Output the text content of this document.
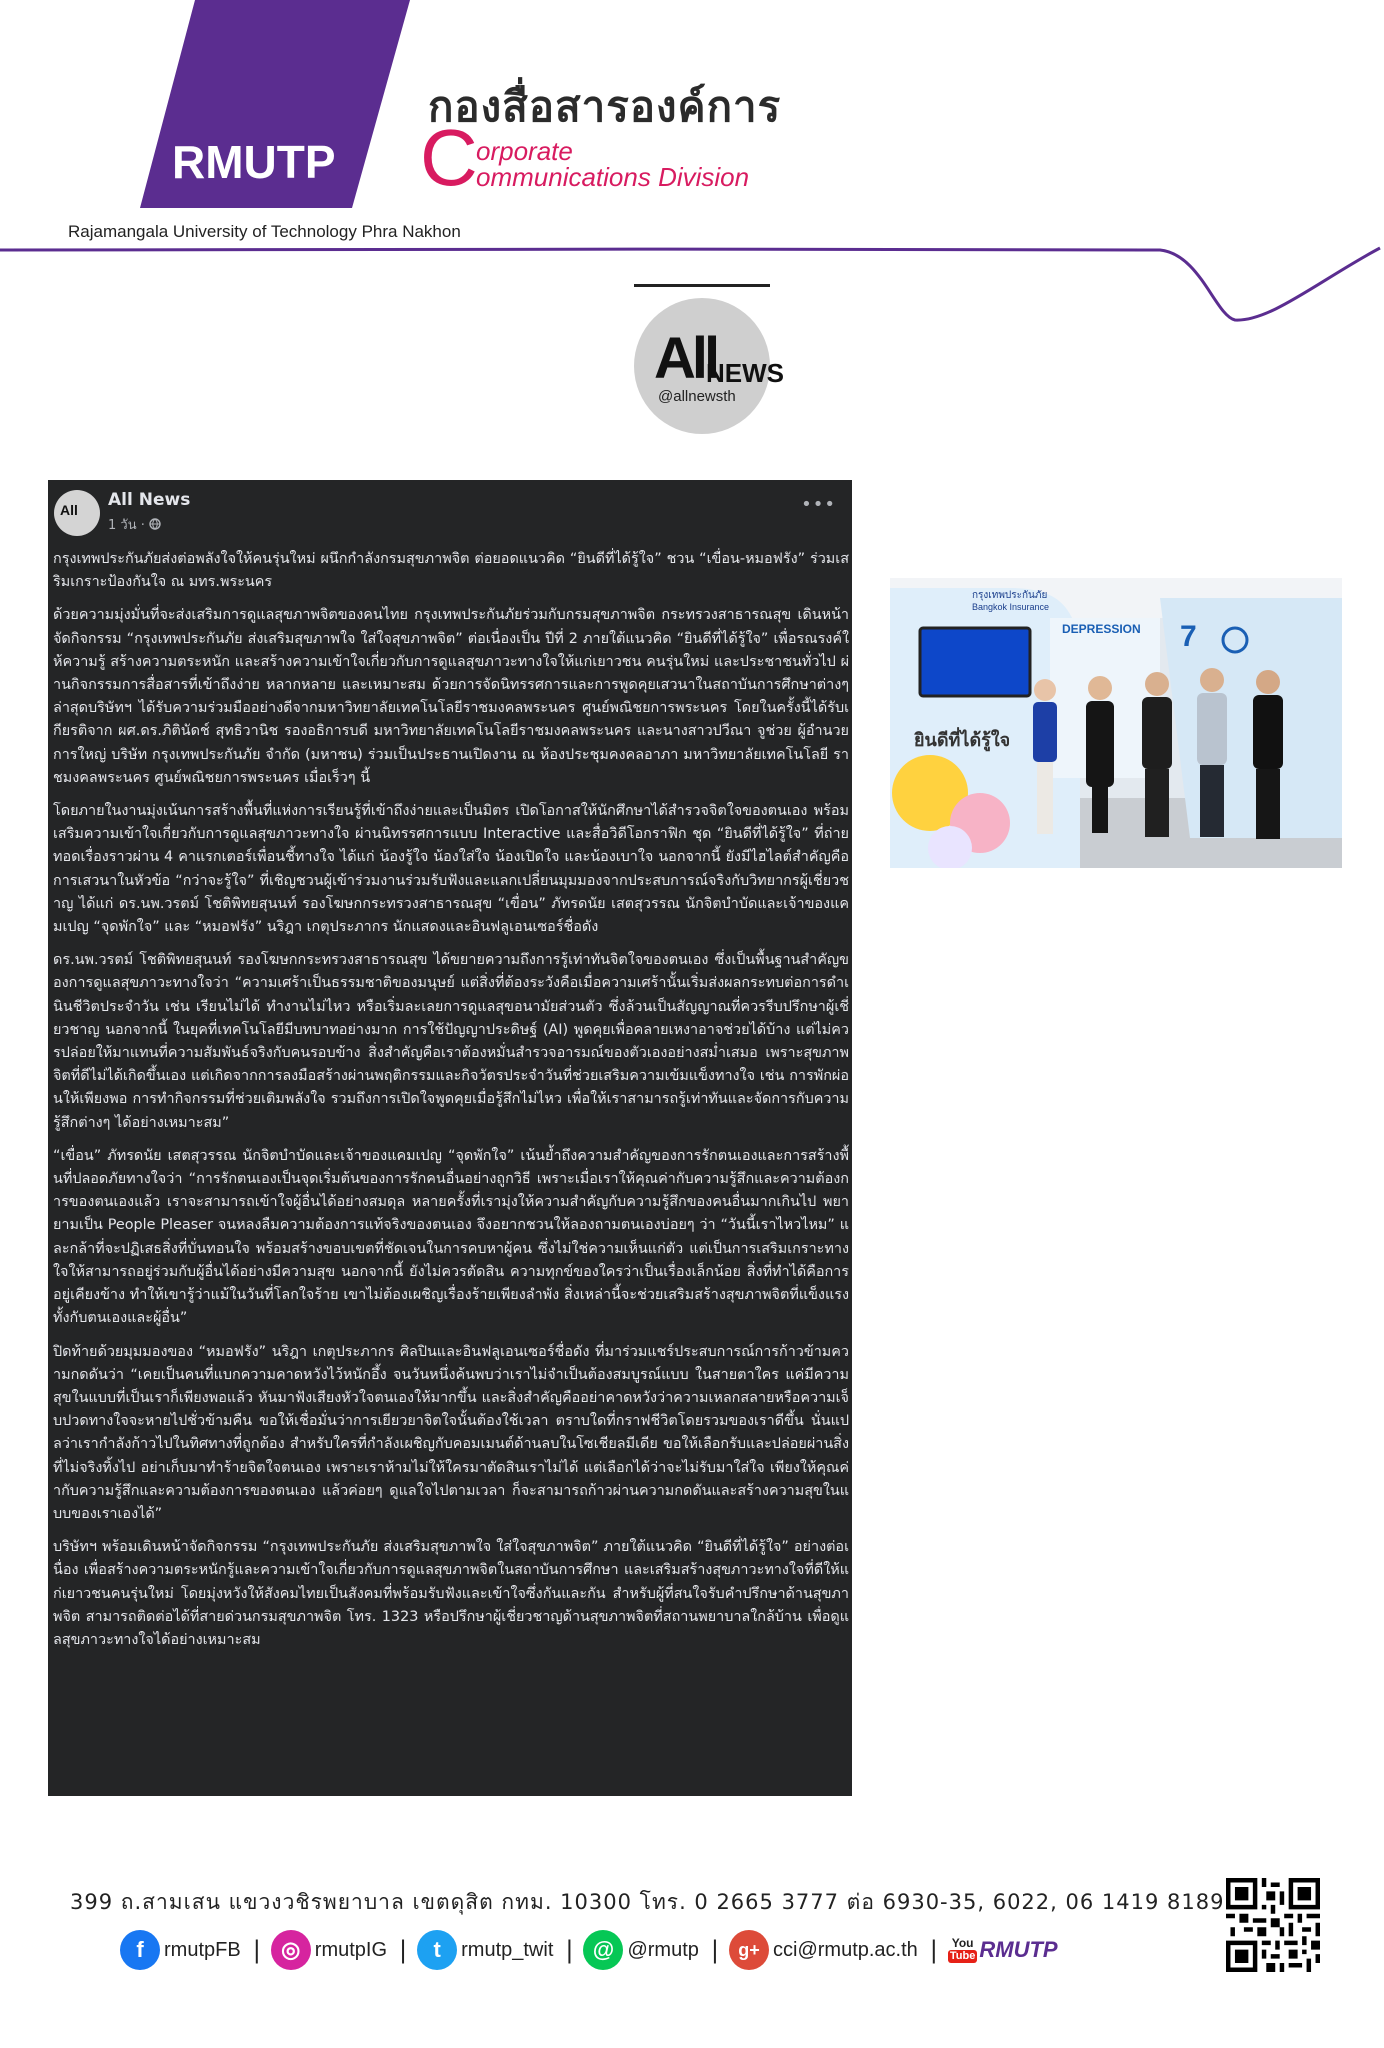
RMUTP
Rajamangala University of Technology Phra Nakhon
กองสื่อสารองค์การ
C
orporate
ommunications Division
All
NEWS
@allnewsth
All All News
1 วัน ·
•••

กรุงเทพประกันภัยส่งต่อพลังใจให้คนรุ่นใหม่ ผนึกกำลังกรมสุขภาพจิต ต่อยอดแนวคิด “ยินดีที่ได้รู้ใจ” ชวน “เขื่อน-หมอฟรัง” ร่วมเสริมเกราะป้องกันใจ ณ มทร.พระนคร

ด้วยความมุ่งมั่นที่จะส่งเสริมการดูแลสุขภาพจิตของคนไทย กรุงเทพประกันภัยร่วมกับกรมสุขภาพจิต กระทรวงสาธารณสุข เดินหน้าจัดกิจกรรม “กรุงเทพประกันภัย ส่งเสริมสุขภาพใจ ใส่ใจสุขภาพจิต” ต่อเนื่องเป็น ปีที่ 2 ภายใต้แนวคิด “ยินดีที่ได้รู้ใจ” เพื่อรณรงค์ให้ความรู้ สร้างความตระหนัก และสร้างความเข้าใจเกี่ยวกับการดูแลสุขภาวะทางใจให้แก่เยาวชน คนรุ่นใหม่ และประชาชนทั่วไป ผ่านกิจกรรมการสื่อสารที่เข้าถึงง่าย หลากหลาย และเหมาะสม ด้วยการจัดนิทรรศการและการพูดคุยเสวนาในสถาบันการศึกษาต่างๆ ล่าสุดบริษัทฯ ได้รับความร่วมมืออย่างดีจากมหาวิทยาลัยเทคโนโลยีราชมงคลพระนคร ศูนย์พณิชยการพระนคร โดยในครั้งนี้ได้รับเกียรติจาก ผศ.ดร.ภิตินัดช์ สุทธิวานิช รองอธิการบดี มหาวิทยาลัยเทคโนโลยีราชมงคลพระนคร และนางสาวปวีณา จูช่วย ผู้อำนวยการใหญ่ บริษัท กรุงเทพประกันภัย จำกัด (มหาชน) ร่วมเป็นประธานเปิดงาน ณ ห้องประชุมคงคลอาภา มหาวิทยาลัยเทคโนโลยี ราชมงคลพระนคร ศูนย์พณิชยการพระนคร เมื่อเร็วๆ นี้

โดยภายในงานมุ่งเน้นการสร้างพื้นที่แห่งการเรียนรู้ที่เข้าถึงง่ายและเป็นมิตร เปิดโอกาสให้นักศึกษาได้สำรวจจิตใจของตนเอง พร้อมเสริมความเข้าใจเกี่ยวกับการดูแลสุขภาวะทางใจ ผ่านนิทรรศการแบบ Interactive และสื่อวิดีโอกราฟิก ชุด “ยินดีที่ได้รู้ใจ” ที่ถ่ายทอดเรื่องราวผ่าน 4 คาแรกเตอร์เพื่อนชี้ทางใจ ได้แก่ น้องรู้ใจ น้องใส่ใจ น้องเปิดใจ และน้องเบาใจ นอกจากนี้ ยังมีไฮไลต์สำคัญคือการเสวนาในหัวข้อ “กว่าจะรู้ใจ” ที่เชิญชวนผู้เข้าร่วมงานร่วมรับฟังและแลกเปลี่ยนมุมมองจากประสบการณ์จริงกับวิทยากรผู้เชี่ยวชาญ ได้แก่ ดร.นพ.วรตม์ โชติพิทยสุนนท์ รองโฆษกกระทรวงสาธารณสุข “เขื่อน” ภัทรดนัย เสตสุวรรณ นักจิตบำบัดและเจ้าของแคมเปญ “จุดพักใจ” และ “หมอฟรัง” นริฎา เกตุประภากร นักแสดงและอินฟลูเอนเซอร์ชื่อดัง

ดร.นพ.วรตม์ โชติพิทยสุนนท์ รองโฆษกกระทรวงสาธารณสุข ได้ขยายความถึงการรู้เท่าทันจิตใจของตนเอง ซึ่งเป็นพื้นฐานสำคัญของการดูแลสุขภาวะทางใจว่า “ความเศร้าเป็นธรรมชาติของมนุษย์ แต่สิ่งที่ต้องระวังคือเมื่อความเศร้านั้นเริ่มส่งผลกระทบต่อการดำเนินชีวิตประจำวัน เช่น เรียนไม่ได้ ทำงานไม่ไหว หรือเริ่มละเลยการดูแลสุขอนามัยส่วนตัว ซึ่งล้วนเป็นสัญญาณที่ควรรีบปรึกษาผู้เชี่ยวชาญ นอกจากนี้ ในยุคที่เทคโนโลยีมีบทบาทอย่างมาก การใช้ปัญญาประดิษฐ์ (AI) พูดคุยเพื่อคลายเหงาอาจช่วยได้บ้าง แต่ไม่ควรปล่อยให้มาแทนที่ความสัมพันธ์จริงกับคนรอบข้าง สิ่งสำคัญคือเราต้องหมั่นสำรวจอารมณ์ของตัวเองอย่างสม่ำเสมอ เพราะสุขภาพจิตที่ดีไม่ได้เกิดขึ้นเอง แต่เกิดจากการลงมือสร้างผ่านพฤติกรรมและกิจวัตรประจำวันที่ช่วยเสริมความเข้มแข็งทางใจ เช่น การพักผ่อนให้เพียงพอ การทำกิจกรรมที่ช่วยเติมพลังใจ รวมถึงการเปิดใจพูดคุยเมื่อรู้สึกไม่ไหว เพื่อให้เราสามารถรู้เท่าทันและจัดการกับความรู้สึกต่างๆ ได้อย่างเหมาะสม”

“เขื่อน” ภัทรดนัย เสตสุวรรณ นักจิตบำบัดและเจ้าของแคมเปญ “จุดพักใจ” เน้นย้ำถึงความสำคัญของการรักตนเองและการสร้างพื้นที่ปลอดภัยทางใจว่า “การรักตนเองเป็นจุดเริ่มต้นของการรักคนอื่นอย่างถูกวิธี เพราะเมื่อเราให้คุณค่ากับความรู้สึกและความต้องการของตนเองแล้ว เราจะสามารถเข้าใจผู้อื่นได้อย่างสมดุล หลายครั้งที่เรามุ่งให้ความสำคัญกับความรู้สึกของคนอื่นมากเกินไป พยายามเป็น People Pleaser จนหลงลืมความต้องการแท้จริงของตนเอง จึงอยากชวนให้ลองถามตนเองบ่อยๆ ว่า “วันนี้เราไหวไหม” และกล้าที่จะปฏิเสธสิ่งที่บั่นทอนใจ พร้อมสร้างขอบเขตที่ชัดเจนในการคบหาผู้คน ซึ่งไม่ใช่ความเห็นแก่ตัว แต่เป็นการเสริมเกราะทางใจให้สามารถอยู่ร่วมกับผู้อื่นได้อย่างมีความสุข นอกจากนี้ ยังไม่ควรตัดสิน ความทุกข์ของใครว่าเป็นเรื่องเล็กน้อย สิ่งที่ทำได้คือการอยู่เคียงข้าง ทำให้เขารู้ว่าแม้ในวันที่โลกใจร้าย เขาไม่ต้องเผชิญเรื่องร้ายเพียงลำพัง สิ่งเหล่านี้จะช่วยเสริมสร้างสุขภาพจิตที่แข็งแรงทั้งกับตนเองและผู้อื่น”

ปิดท้ายด้วยมุมมองของ “หมอฟรัง” นริฎา เกตุประภากร ศิลปินและอินฟลูเอนเซอร์ชื่อดัง ที่มาร่วมแชร์ประสบการณ์การก้าวข้ามความกดดันว่า “เคยเป็นคนที่แบกความคาดหวังไว้หนักอึ้ง จนวันหนึ่งค้นพบว่าเราไม่จำเป็นต้องสมบูรณ์แบบ ในสายตาใคร แค่มีความสุขในแบบที่เป็นเราก็เพียงพอแล้ว หันมาฟังเสียงหัวใจตนเองให้มากขึ้น และสิ่งสำคัญคืออย่าคาดหวังว่าความเหลกสลายหรือความเจ็บปวดทางใจจะหายไปชั่วข้ามคืน ขอให้เชื่อมั่นว่าการเยียวยาจิตใจนั้นต้องใช้เวลา ตราบใดที่กราฟชีวิตโดยรวมของเราดีขึ้น นั่นแปลว่าเรากำลังก้าวไปในทิศทางที่ถูกต้อง สำหรับใครที่กำลังเผชิญกับคอมเมนต์ด้านลบในโซเชียลมีเดีย ขอให้เลือกรับและปล่อยผ่านสิ่งที่ไม่จริงทิ้งไป อย่าเก็บมาทำร้ายจิตใจตนเอง เพราะเราห้ามไม่ให้ใครมาตัดสินเราไม่ได้ แต่เลือกได้ว่าจะไม่รับมาใส่ใจ เพียงให้คุณค่ากับความรู้สึกและความต้องการของตนเอง แล้วค่อยๆ ดูแลใจไปตามเวลา ก็จะสามารถก้าวผ่านความกดดันและสร้างความสุขในแบบของเราเองได้”

บริษัทฯ พร้อมเดินหน้าจัดกิจกรรม “กรุงเทพประกันภัย ส่งเสริมสุขภาพใจ ใส่ใจสุขภาพจิต” ภายใต้แนวคิด “ยินดีที่ได้รู้ใจ” อย่างต่อเนื่อง เพื่อสร้างความตระหนักรู้และความเข้าใจเกี่ยวกับการดูแลสุขภาพจิตในสถาบันการศึกษา และเสริมสร้างสุขภาวะทางใจที่ดีให้แก่เยาวชนคนรุ่นใหม่ โดยมุ่งหวังให้สังคมไทยเป็นสังคมที่พร้อมรับฟังและเข้าใจซึ่งกันและกัน สำหรับผู้ที่สนใจรับคำปรึกษาด้านสุขภาพจิต สามารถติดต่อได้ที่สายด่วนกรมสุขภาพจิต โทร. 1323 หรือปรึกษาผู้เชี่ยวชาญด้านสุขภาพจิตที่สถานพยาบาลใกล้บ้าน เพื่อดูแลสุขภาวะทางใจได้อย่างเหมาะสม

กรุงเทพประกันภัย
Bangkok Insurance
DEPRESSION 7
ยินดีที่ได้รู้ใจ
399 ถ.สามเสน แขวงวชิรพยาบาล เขตดุสิต กทม. 10300 โทร. 0 2665 3777 ต่อ 6930-35, 6022, 06 1419 8189
f	rmutpFB | ◎ rmutpIG |	t	rmutp_twit | @ @rmutp |	g+ cci@rmutp.ac.th | You
Tube RMUTP
